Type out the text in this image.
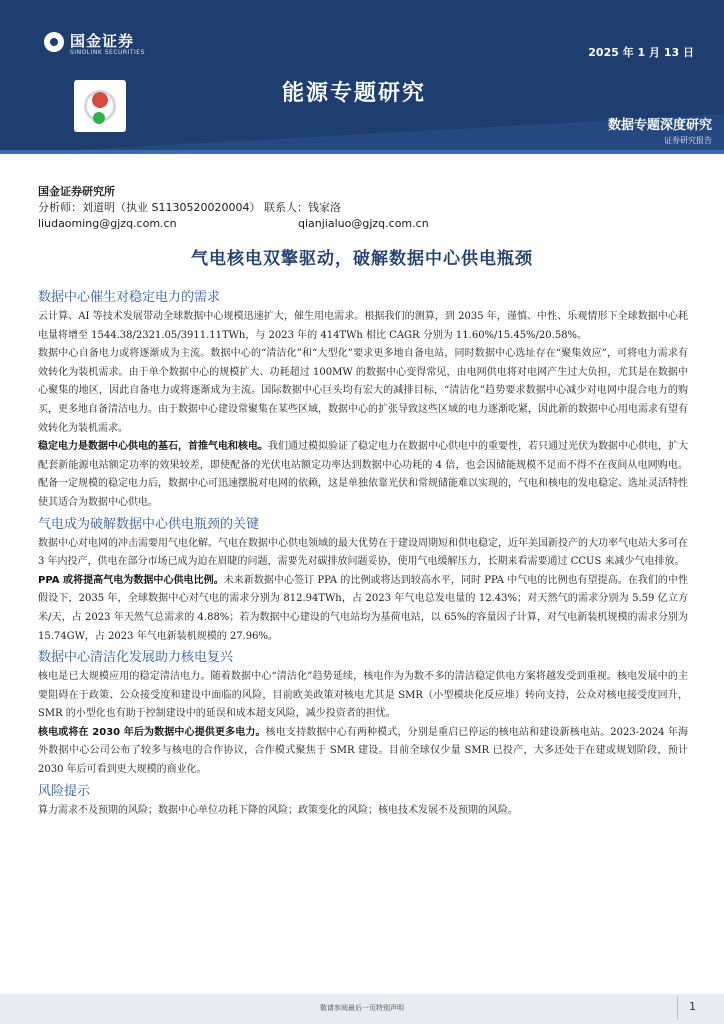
国金证券
SINOLINK SECURITIES	2025 年 1 月 13 日
能源专题研究
数据专题深度研究
证券研究报告
国金证券研究所
分析师：刘道明（执业 S1130520020004） 联系人：钱家洛
liudaoming@gjzq.com.cn	qianjialuo@gjzq.com.cn
气电核电双擎驱动，破解数据中心供电瓶颈
数据中心催生对稳定电力的需求

云计算、AI 等技术发展带动全球数据中心规模迅速扩大，催生用电需求。根据我们的测算，到 2035 年，谨慎、中性、乐观情形下全球数据中心耗电量将增至 1544.38/2321.05/3911.11TWh，与 2023 年的 414TWh 相比 CAGR 分别为 11.60%/15.45%/20.58%。

数据中心自备电力或将逐渐成为主流。数据中心的“清洁化”和“大型化”要求更多地自备电站，同时数据中心选址存在“聚集效应”，可将电力需求有效转化为装机需求。由于单个数据中心的规模扩大、功耗超过 100MW 的数据中心变得常见，由电网供电将对电网产生过大负担，尤其是在数据中心聚集的地区，因此自备电力或将逐渐成为主流。国际数据中心巨头均有宏大的减排目标，“清洁化”趋势要求数据中心减少对电网中混合电力的购买，更多地自备清洁电力。由于数据中心建设常聚集在某些区域，数据中心的扩张导致这些区域的电力逐渐吃紧，因此新的数据中心用电需求有望有效转化为装机需求。

稳定电力是数据中心供电的基石，首推气电和核电。我们通过模拟验证了稳定电力在数据中心供电中的重要性，若只通过光伏为数据中心供电，扩大配套新能源电站额定功率的效果较差，即使配备的光伏电站额定功率达到数据中心功耗的 4 倍，也会因储能规模不足而不得不在夜间从电网购电。配备一定规模的稳定电力后，数据中心可迅速摆脱对电网的依赖，这是单独依靠光伏和常规储能难以实现的，气电和核电的发电稳定、选址灵活特性使其适合为数据中心供电。

气电成为破解数据中心供电瓶颈的关键

数据中心对电网的冲击需要用气电化解。气电在数据中心供电领域的最大优势在于建设周期短和供电稳定，近年美国新投产的大功率气电站大多可在 3 年内投产，供电在部分市场已成为迫在眉睫的问题，需要先对碳排放问题妥协，使用气电缓解压力，长期来看需要通过 CCUS 来减少气电排放。

PPA 或将提高气电为数据中心供电比例。未来新数据中心签订 PPA 的比例或将达到较高水平，同时 PPA 中气电的比例也有望提高。在我们的中性假设下，2035 年，全球数据中心对气电的需求分别为 812.94TWh，占 2023 年气电总发电量的 12.43%；对天然气的需求分别为 5.59 亿立方米/天，占 2023 年天然气总需求的 4.88%；若为数据中心建设的气电站均为基荷电站，以 65%的容量因子计算，对气电新装机规模的需求分别为 15.74GW，占 2023 年气电新装机规模的 27.96%。

数据中心清洁化发展助力核电复兴

核电是已大规模应用的稳定清洁电力。随着数据中心“清洁化”趋势延续，核电作为为数不多的清洁稳定供电方案将越发受到重视。核电发展中的主要阻碍在于政策、公众接受度和建设中面临的风险，目前欧美政策对核电尤其是 SMR（小型模块化反应堆）转向支持，公众对核电接受度回升，SMR 的小型化也有助于控制建设中的延误和成本超支风险，减少投资者的担忧。

核电或将在 2030 年后为数据中心提供更多电力。核电支持数据中心有两种模式，分别是重启已停运的核电站和建设新核电站。2023-2024 年海外数据中心公司公布了较多与核电的合作协议，合作模式聚焦于 SMR 建设。目前全球仅少量 SMR 已投产，大多还处于在建或规划阶段，预计 2030 年后可看到更大规模的商业化。

风险提示

算力需求不及预期的风险；数据中心单位功耗下降的风险；政策变化的风险；核电技术发展不及预期的风险。

敬请参阅最后一页特别声明	1
